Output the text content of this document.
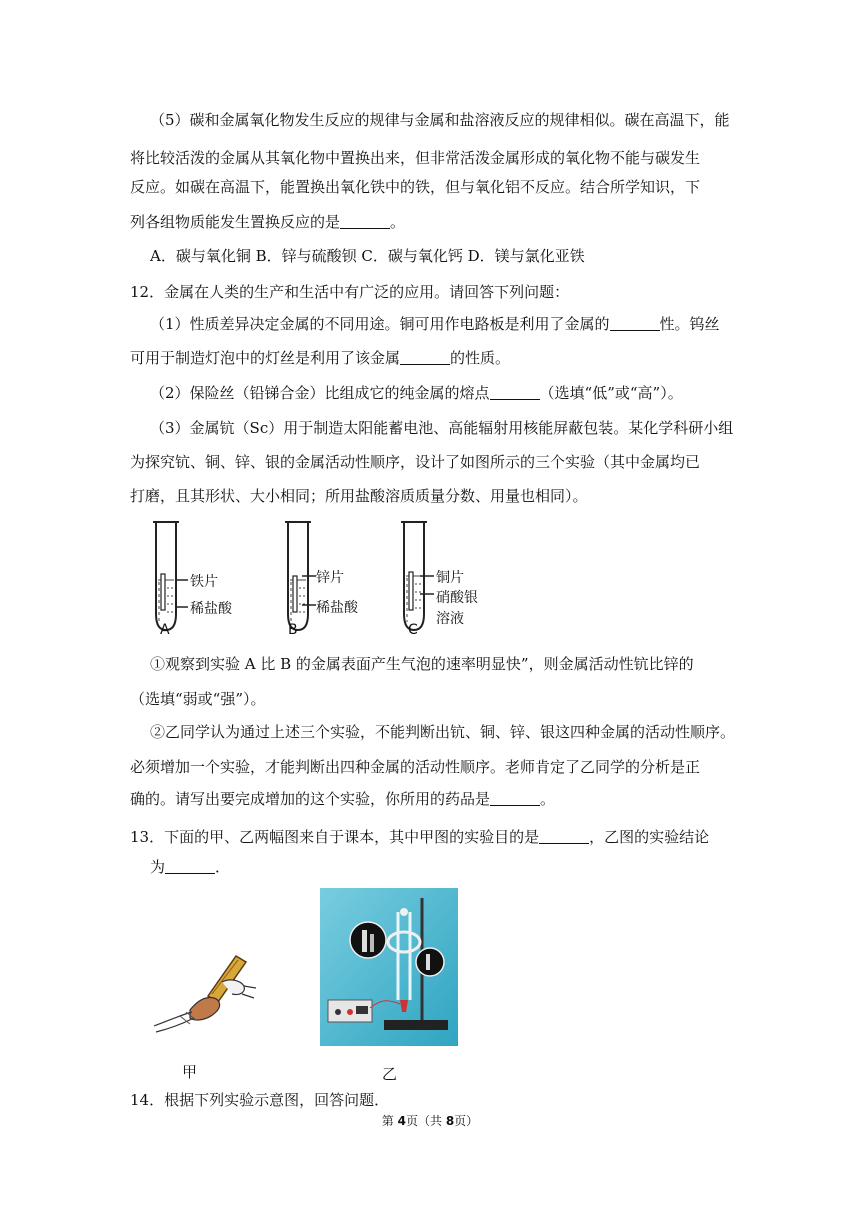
（5）碳和金属氧化物发生反应的规律与金属和盐溶液反应的规律相似。碳在高温下，能
将比较活泼的金属从其氧化物中置换出来，但非常活泼金属形成的氧化物不能与碳发生
反应。如碳在高温下，能置换出氧化铁中的铁，但与氧化铝不反应。结合所学知识，下
列各组物质能发生置换反应的是	。
A．碳与氧化铜 B．锌与硫酸钡 C．碳与氧化钙 D．镁与氯化亚铁
12．金属在人类的生产和生活中有广泛的应用。请回答下列问题：
（1）性质差异决定金属的不同用途。铜可用作电路板是利用了金属的	性。钨丝
可用于制造灯泡中的灯丝是利用了该金属	的性质。
（2）保险丝（铅锑合金）比组成它的纯金属的熔点	（选填“低”或“高”）。
（3）金属钪（Sc）用于制造太阳能蓄电池、高能辐射用核能屏蔽包装。某化学科研小组
为探究钪、铜、锌、银的金属活动性顺序，设计了如图所示的三个实验（其中金属均已
打磨，且其形状、大小相同；所用盐酸溶质质量分数、用量也相同）。
铁片
稀盐酸
A
锌片
稀盐酸
B
铜片
硝酸银
溶液
C
①观察到实验 A 比 B 的金属表面产生气泡的速率明显快”，则金属活动性钪比锌的
（选填“弱或“强”）。
②乙同学认为通过上述三个实验，不能判断出钪、铜、锌、银这四种金属的活动性顺序。
必须增加一个实验，才能判断出四种金属的活动性顺序。老师肯定了乙同学的分析是正
确的。请写出要完成增加的这个实验，你所用的药品是	。
13．下面的甲、乙两幅图来自于课本，其中甲图的实验目的是	，乙图的实验结论
为	．
甲	乙
14．根据下列实验示意图，回答问题．
第 4页（共 8页）
